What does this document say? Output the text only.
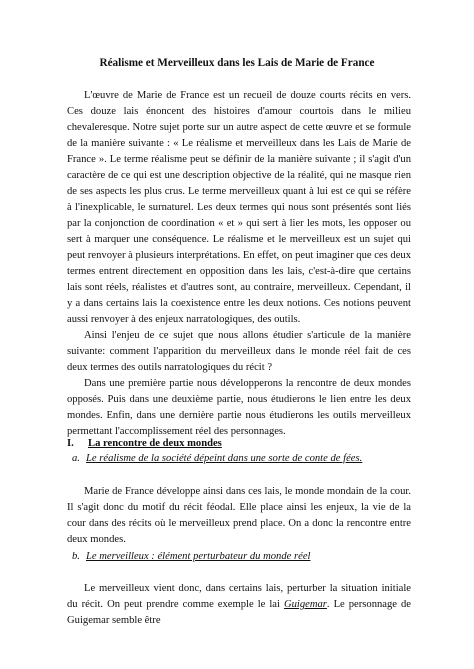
Réalisme et Merveilleux dans les Lais de Marie de France

L'œuvre de Marie de France est un recueil de douze courts récits en vers. Ces douze lais énoncent des histoires d'amour courtois dans le milieu chevaleresque. Notre sujet porte sur un autre aspect de cette œuvre et se formule de la manière suivante : « Le réalisme et merveilleux dans les Lais de Marie de France ». Le terme réalisme peut se définir de la manière suivante ; il s'agit d'un caractère de ce qui est une description objective de la réalité, qui ne masque rien de ses aspects les plus crus. Le terme merveilleux quant à lui est ce qui se réfère à l'inexplicable, le surnaturel. Les deux termes qui nous sont présentés sont liés par la conjonction de coordination « et » qui sert à lier les mots, les opposer ou sert à marquer une conséquence. Le réalisme et le merveilleux est un sujet qui peut renvoyer à plusieurs interprétations. En effet, on peut imaginer que ces deux termes entrent directement en opposition dans les lais, c'est-à-dire que certains lais sont réels, réalistes et d'autres sont, au contraire, merveilleux. Cependant, il y a dans certains lais la coexistence entre les deux notions. Ces notions peuvent aussi renvoyer à des enjeux narratologiques, des outils.

Ainsi l'enjeu de ce sujet que nous allons étudier s'articule de la manière suivante: comment l'apparition du merveilleux dans le monde réel fait de ces deux termes des outils narratologiques du récit ?

Dans une première partie nous développerons la rencontre de deux mondes opposés. Puis dans une deuxième partie, nous étudierons le lien entre les deux mondes. Enfin, dans une dernière partie nous étudierons les outils merveilleux permettant l'accomplissement réel des personnages.

I. La rencontre de deux mondes
a. Le réalisme de la société dépeint dans une sorte de conte de fées.

Marie de France développe ainsi dans ces lais, le monde mondain de la cour. Il s'agit donc du motif du récit féodal. Elle place ainsi les enjeux, la vie de la cour dans des récits où le merveilleux prend place. On a donc la rencontre entre deux mondes.

b. Le merveilleux : élément perturbateur du monde réel

Le merveilleux vient donc, dans certains lais, perturber la situation initiale du récit. On peut prendre comme exemple le lai Guigemar. Le personnage de Guigemar semble être
